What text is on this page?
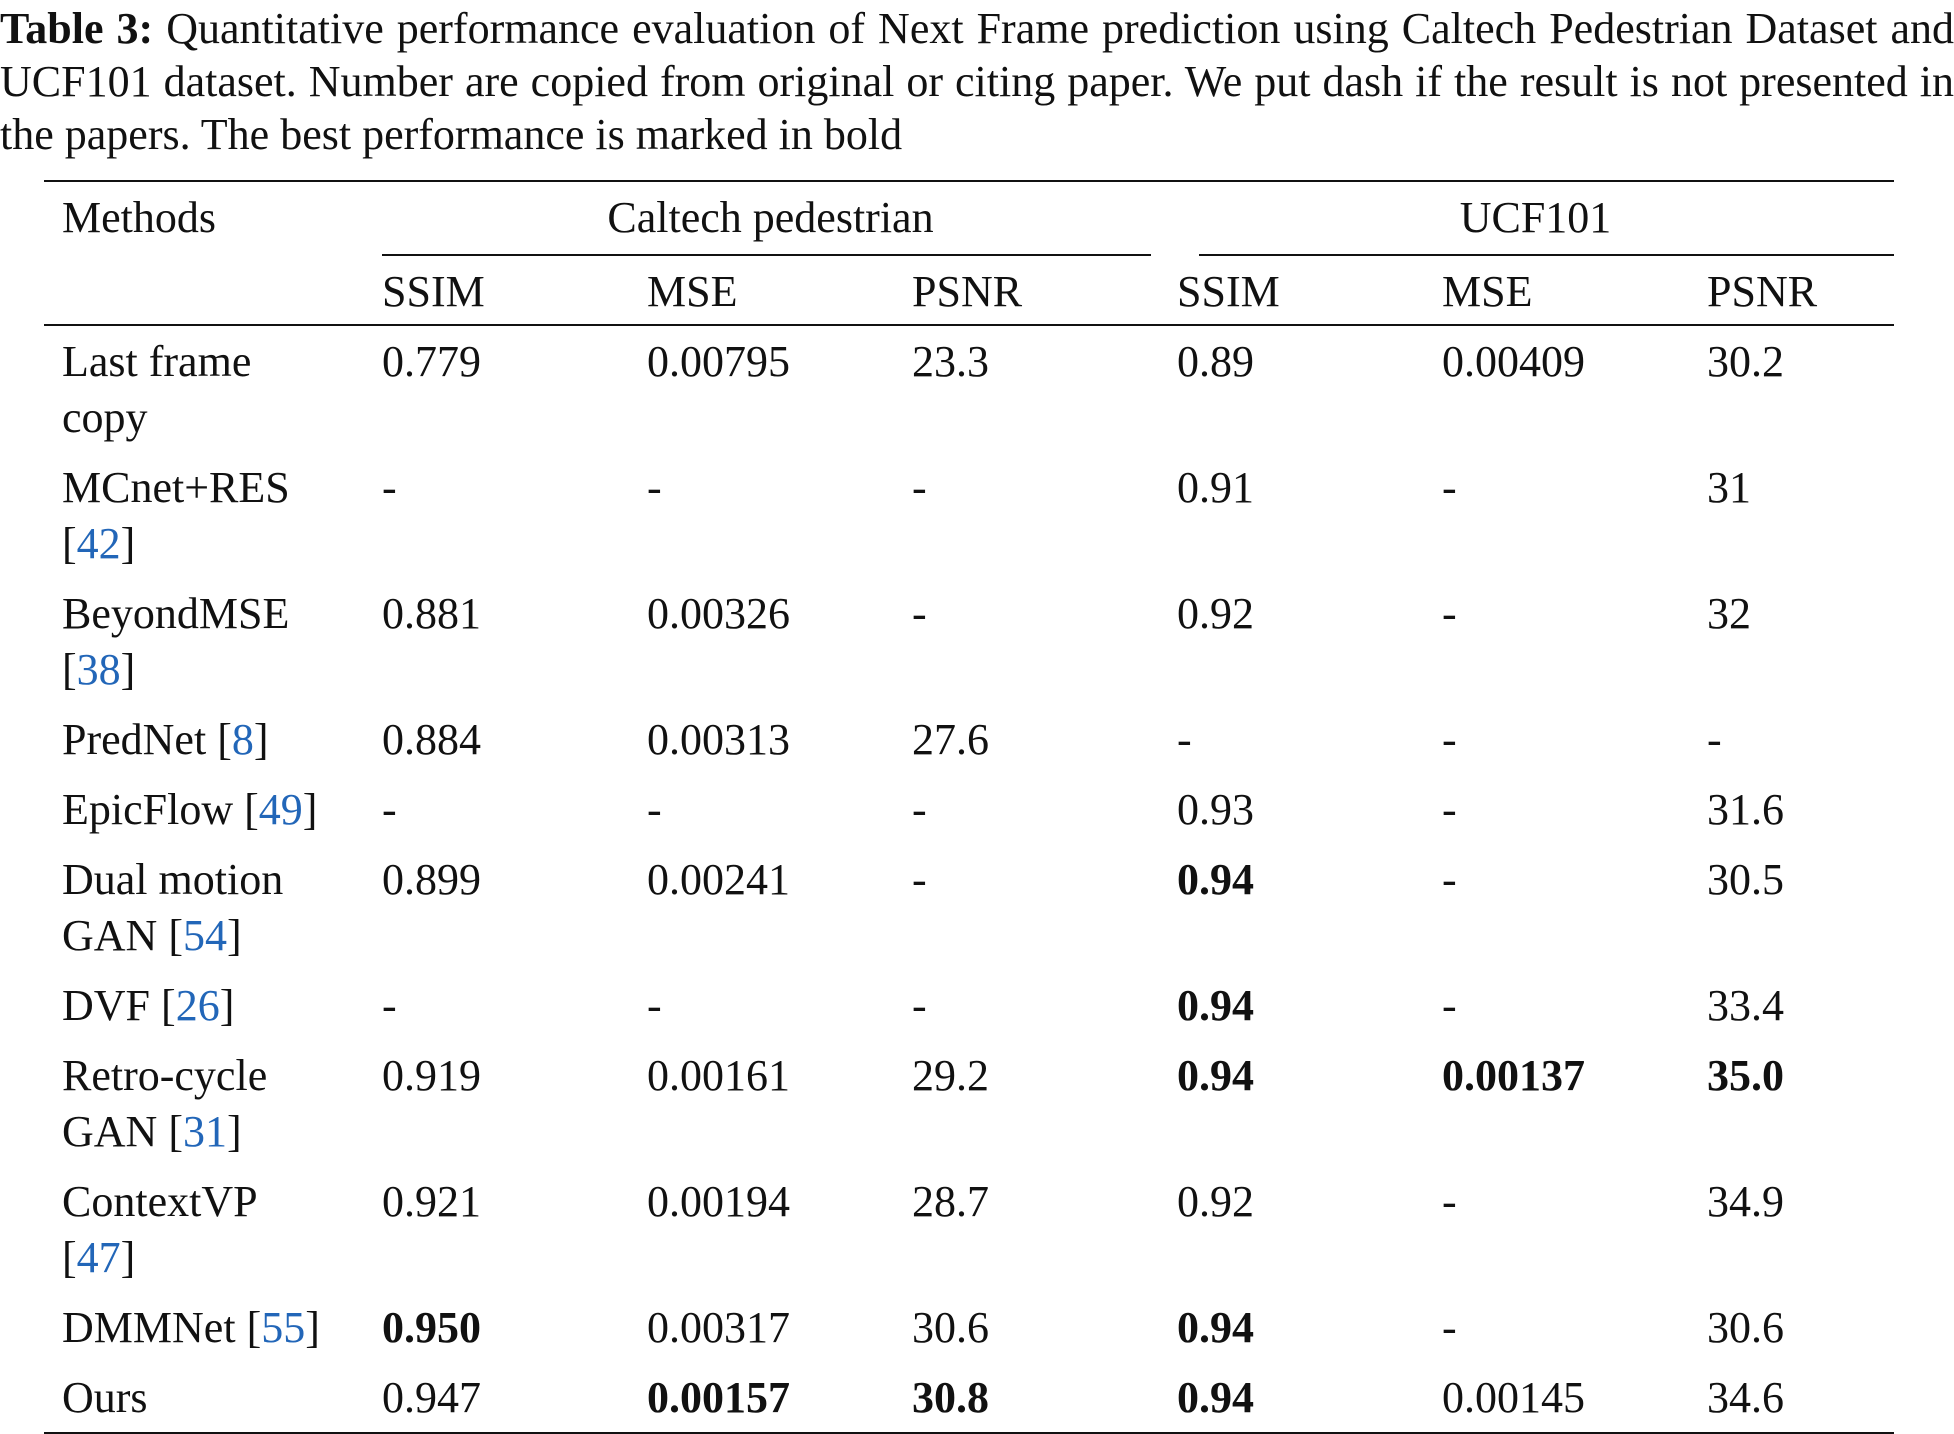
Table 3: Quantitative performance evaluation of Next Frame prediction using Caltech Pedestrian Dataset and UCF101 dataset. Number are copied from original or citing paper. We put dash if the result is not presented in the papers. The best performance is marked in bold
Methods	Caltech pedestrian			UCF101		

	SSIM	MSE	PSNR	SSIM	MSE	PSNR
Last frame
copy	0.779	0.00795	23.3	0.89	0.00409	30.2
MCnet+RES
[42]	-	-	-	0.91	-	31
BeyondMSE
[38]	0.881	0.00326	-	0.92	-	32
PredNet [8]	0.884	0.00313	27.6	-	-	-
EpicFlow [49]	-	-	-	0.93	-	31.6
Dual motion
GAN [54]	0.899	0.00241	-	0.94	-	30.5
DVF [26]	-	-	-	0.94	-	33.4
Retro-cycle
GAN [31]	0.919	0.00161	29.2	0.94	0.00137	35.0
ContextVP
[47]	0.921	0.00194	28.7	0.92	-	34.9
DMMNet [55]	0.950	0.00317	30.6	0.94	-	30.6
Ours	0.947	0.00157	30.8	0.94	0.00145	34.6
